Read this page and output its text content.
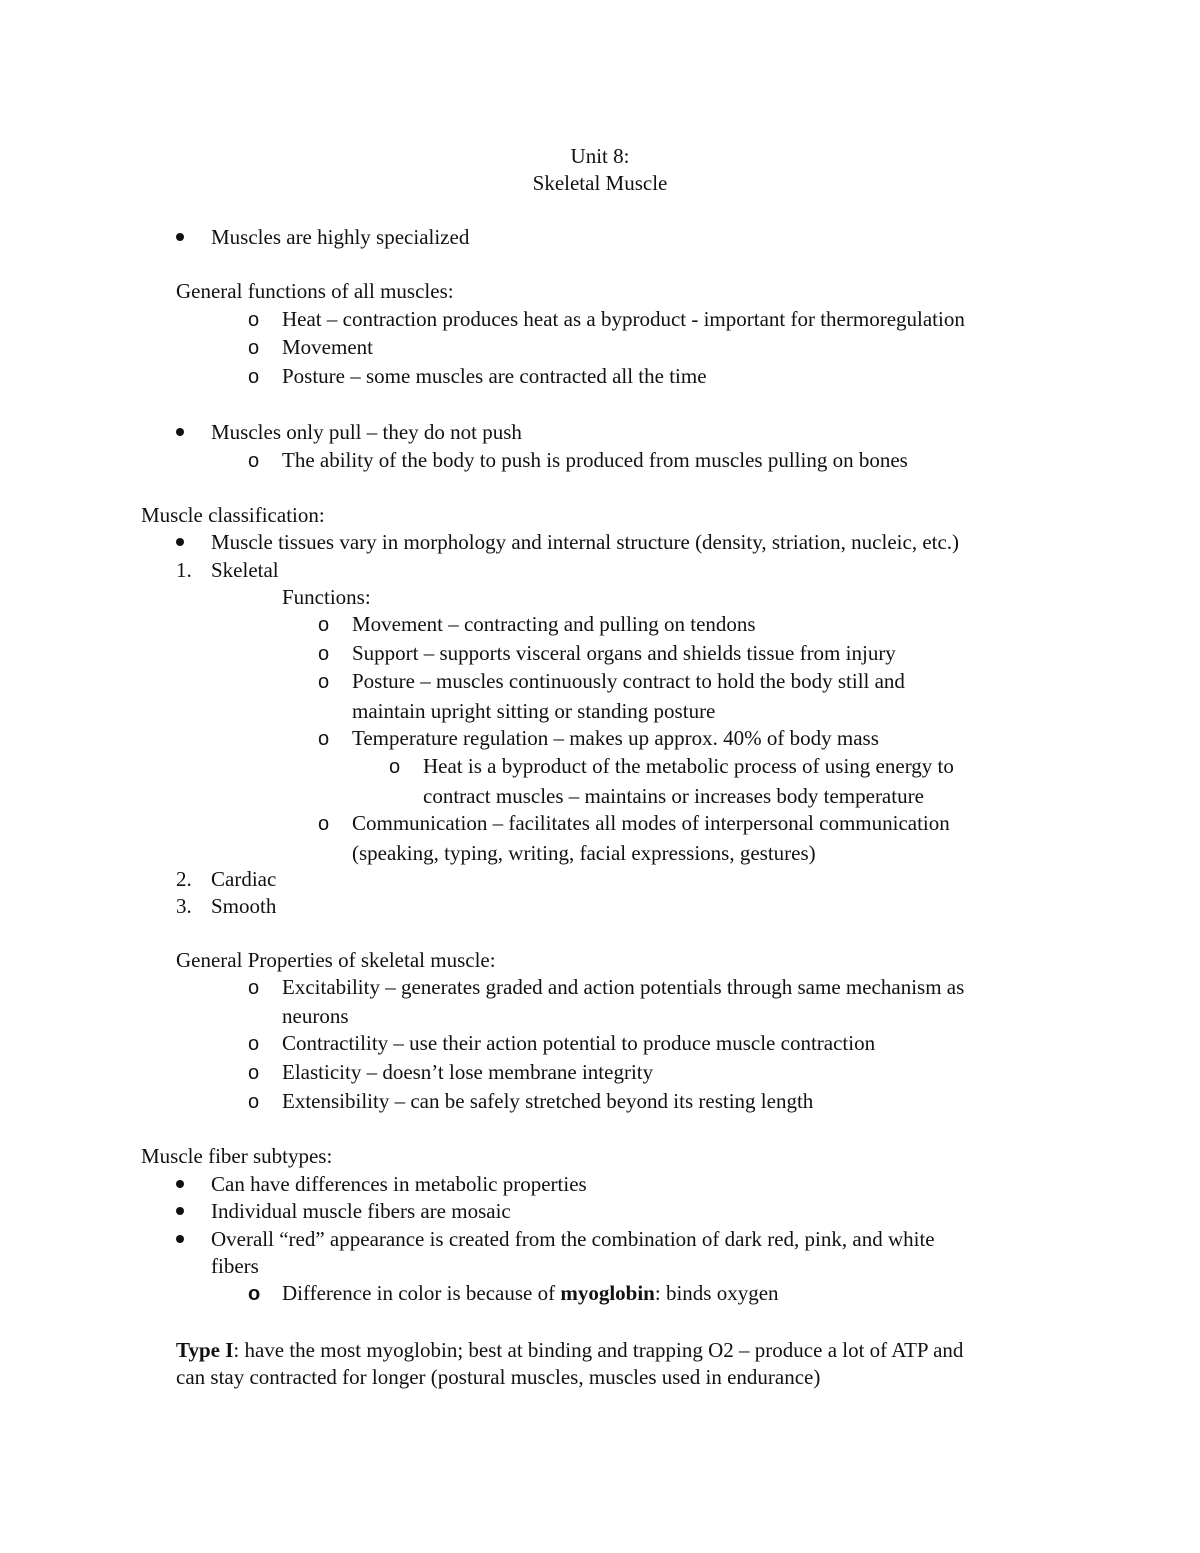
Unit 8:
Skeletal Muscle
Muscles are highly specialized
General functions of all muscles:
o Heat – contraction produces heat as a byproduct - important for thermoregulation
o Movement
o Posture – some muscles are contracted all the time
Muscles only pull – they do not push
o The ability of the body to push is produced from muscles pulling on bones
Muscle classification:
Muscle tissues vary in morphology and internal structure (density, striation, nucleic, etc.)
1. Skeletal
Functions:
o Movement – contracting and pulling on tendons
o Support – supports visceral organs and shields tissue from injury
o Posture – muscles continuously contract to hold the body still and
maintain upright sitting or standing posture
o Temperature regulation – makes up approx. 40% of body mass
o Heat is a byproduct of the metabolic process of using energy to
contract muscles – maintains or increases body temperature
o Communication – facilitates all modes of interpersonal communication
(speaking, typing, writing, facial expressions, gestures)
2. Cardiac
3. Smooth
General Properties of skeletal muscle:
o Excitability – generates graded and action potentials through same mechanism as
neurons
o Contractility – use their action potential to produce muscle contraction
o Elasticity – doesn’t lose membrane integrity
o Extensibility – can be safely stretched beyond its resting length
Muscle fiber subtypes:
Can have differences in metabolic properties
Individual muscle fibers are mosaic
Overall “red” appearance is created from the combination of dark red, pink, and white
fibers
o Difference in color is because of myoglobin: binds oxygen
Type I: have the most myoglobin; best at binding and trapping O2 – produce a lot of ATP and
can stay contracted for longer (postural muscles, muscles used in endurance)
